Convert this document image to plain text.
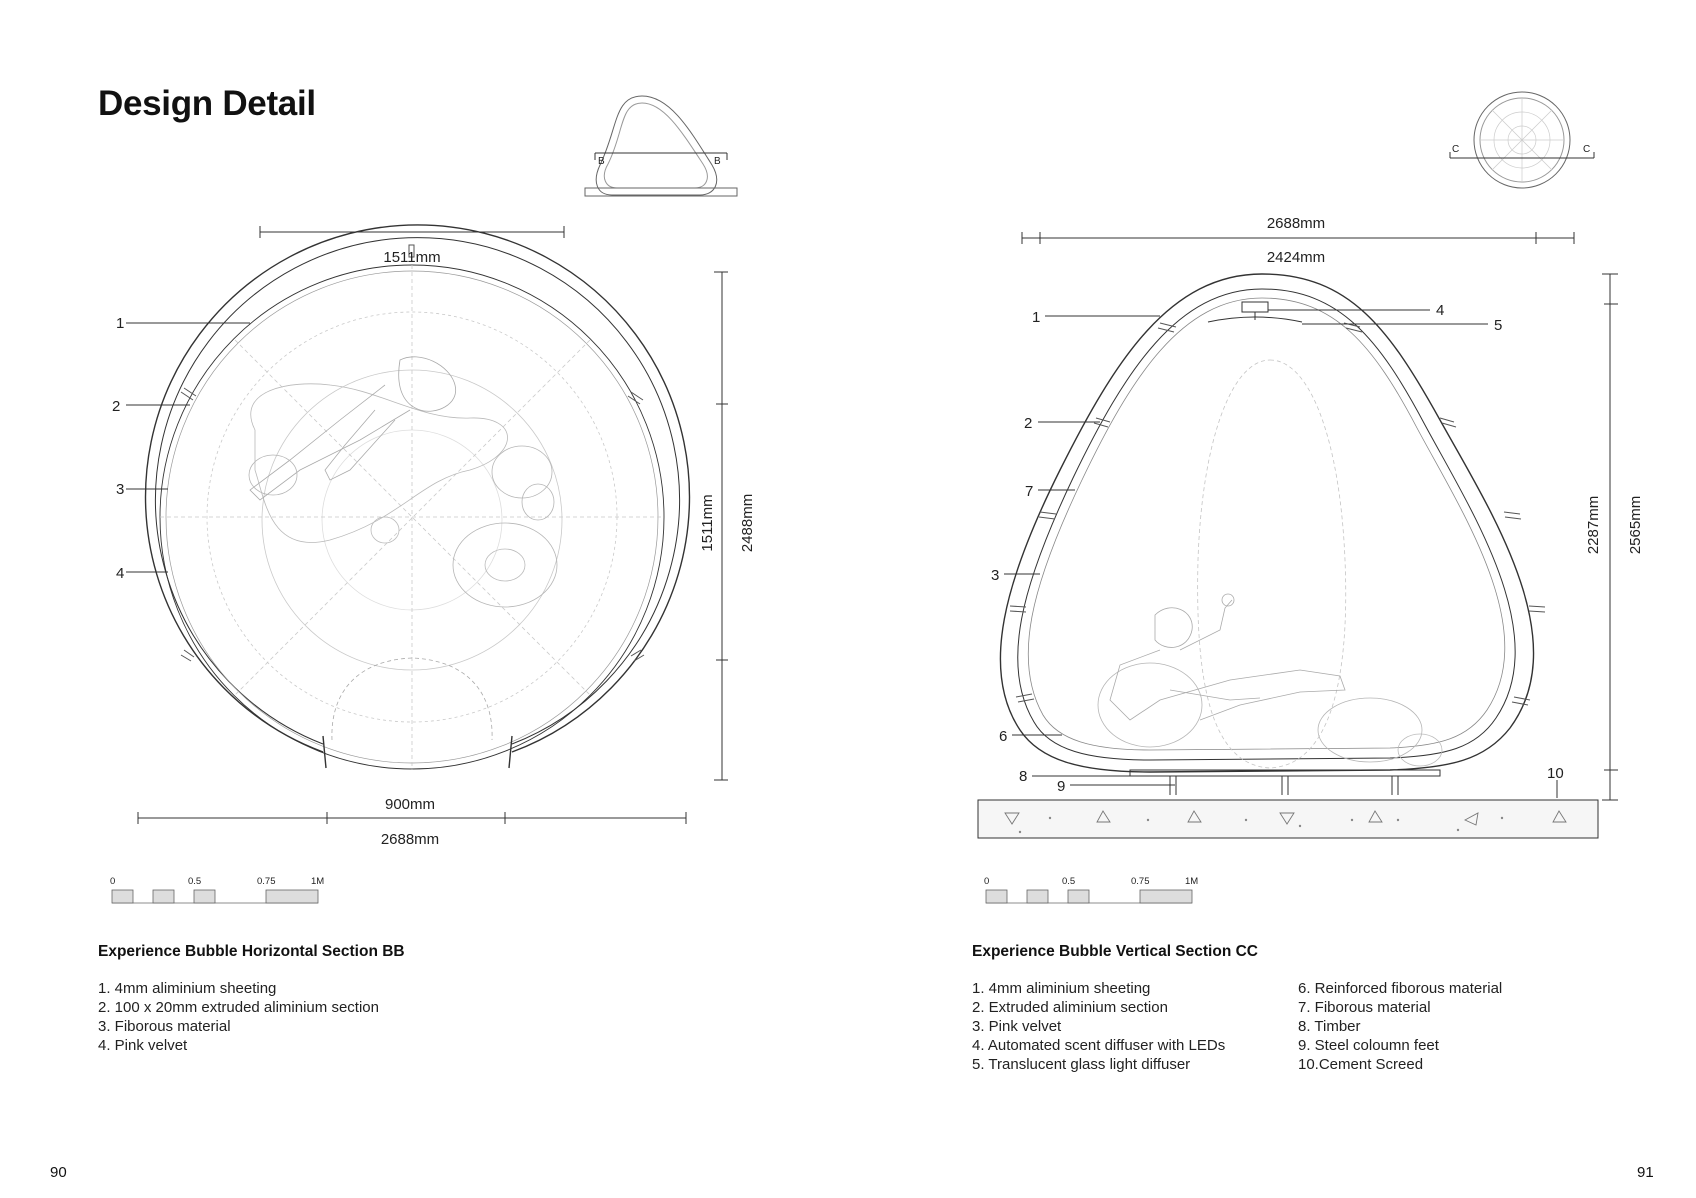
Design Detail
Experience Bubble Horizontal Section BB
1. 4mm aliminium sheeting
2. 100 x 20mm extruded aliminium section
3. Fiborous material
4. Pink velvet
Experience Bubble Vertical Section CC
1. 4mm aliminium sheeting
2. Extruded aliminium section
3. Pink velvet
4. Automated scent diffuser with LEDs
5. Translucent glass light diffuser
6. Reinforced fiborous material
7. Fiborous material
8. Timber
9. Steel coloumn feet
10.Cement Screed
90	91
1511mm
900mm
2688mm
1511mm 2488mm
1
2
3
4
B	B
0	0.5	0.75	1M
2688mm
2424mm
2287mm 2565mm
1
2
7
3
6
8
9
4
5
10
C	C
0	0.5	0.75	1M
